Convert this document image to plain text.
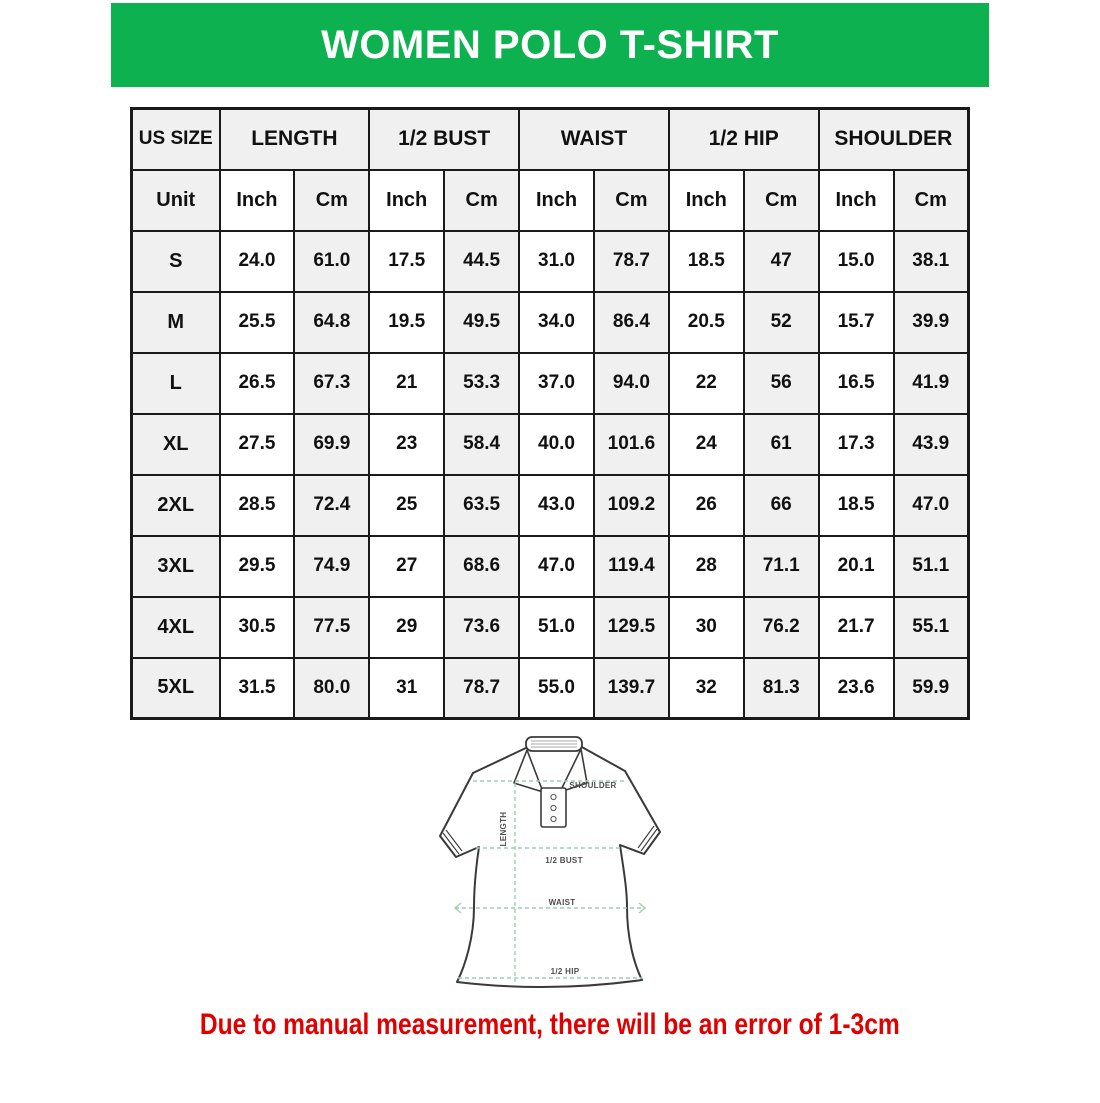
WOMEN POLO T-SHIRT
US SIZE	LENGTH		1/2 BUST		WAIST		1/2 HIP		SHOULDER	
Unit	Inch	Cm	Inch	Cm	Inch	Cm	Inch	Cm	Inch	Cm
S	24.0	61.0	17.5	44.5	31.0	78.7	18.5	47	15.0	38.1
M	25.5	64.8	19.5	49.5	34.0	86.4	20.5	52	15.7	39.9
L	26.5	67.3	21	53.3	37.0	94.0	22	56	16.5	41.9
XL	27.5	69.9	23	58.4	40.0	101.6	24	61	17.3	43.9
2XL	28.5	72.4	25	63.5	43.0	109.2	26	66	18.5	47.0
3XL	29.5	74.9	27	68.6	47.0	119.4	28	71.1	20.1	51.1
4XL	30.5	77.5	29	73.6	51.0	129.5	30	76.2	21.7	55.1
5XL	31.5	80.0	31	78.7	55.0	139.7	32	81.3	23.6	59.9
SHOULDER
LENGTH
1/2 BUST
WAIST
1/2 HIP

Due to manual measurement, there will be an error of 1-3cm
